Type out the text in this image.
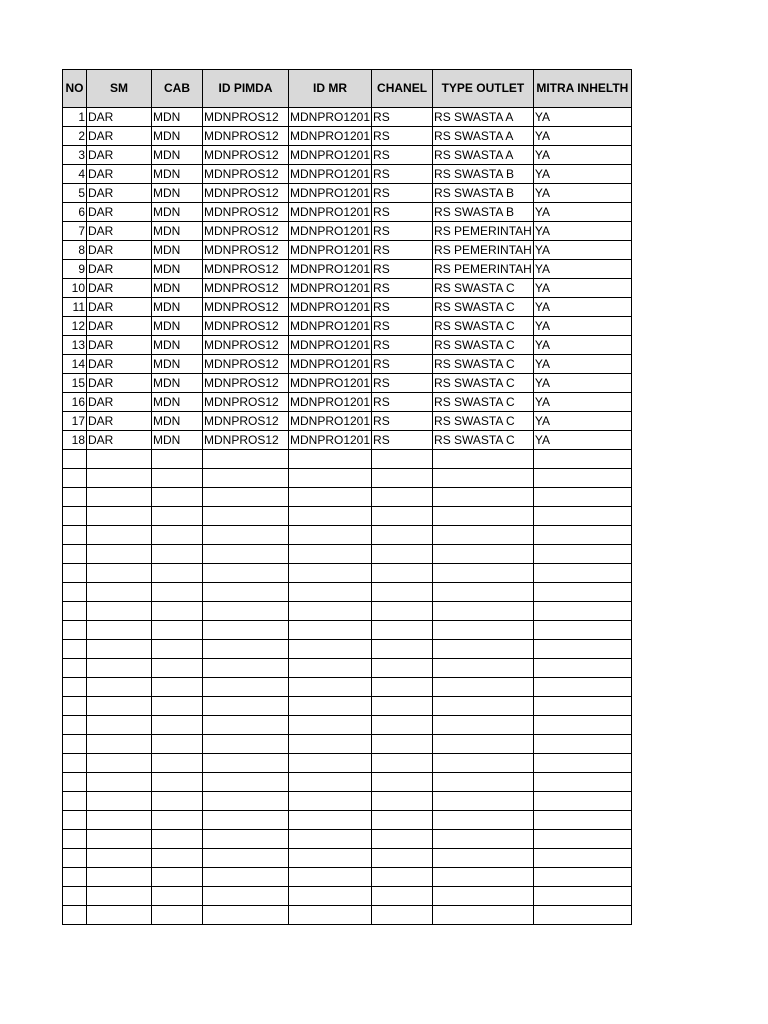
NO	SM	CAB	ID PIMDA	ID MR	CHANEL	TYPE OUTLET	MITRA INHELTH
1	DAR	MDN	MDNPROS12	MDNPRO1201	RS	RS SWASTA A	YA
2	DAR	MDN	MDNPROS12	MDNPRO1201	RS	RS SWASTA A	YA
3	DAR	MDN	MDNPROS12	MDNPRO1201	RS	RS SWASTA A	YA
4	DAR	MDN	MDNPROS12	MDNPRO1201	RS	RS SWASTA B	YA
5	DAR	MDN	MDNPROS12	MDNPRO1201	RS	RS SWASTA B	YA
6	DAR	MDN	MDNPROS12	MDNPRO1201	RS	RS SWASTA B	YA
7	DAR	MDN	MDNPROS12	MDNPRO1201	RS	RS PEMERINTAH	YA
8	DAR	MDN	MDNPROS12	MDNPRO1201	RS	RS PEMERINTAH	YA
9	DAR	MDN	MDNPROS12	MDNPRO1201	RS	RS PEMERINTAH	YA
10	DAR	MDN	MDNPROS12	MDNPRO1201	RS	RS SWASTA C	YA
11	DAR	MDN	MDNPROS12	MDNPRO1201	RS	RS SWASTA C	YA
12	DAR	MDN	MDNPROS12	MDNPRO1201	RS	RS SWASTA C	YA
13	DAR	MDN	MDNPROS12	MDNPRO1201	RS	RS SWASTA C	YA
14	DAR	MDN	MDNPROS12	MDNPRO1201	RS	RS SWASTA C	YA
15	DAR	MDN	MDNPROS12	MDNPRO1201	RS	RS SWASTA C	YA
16	DAR	MDN	MDNPROS12	MDNPRO1201	RS	RS SWASTA C	YA
17	DAR	MDN	MDNPROS12	MDNPRO1201	RS	RS SWASTA C	YA
18	DAR	MDN	MDNPROS12	MDNPRO1201	RS	RS SWASTA C	YA
